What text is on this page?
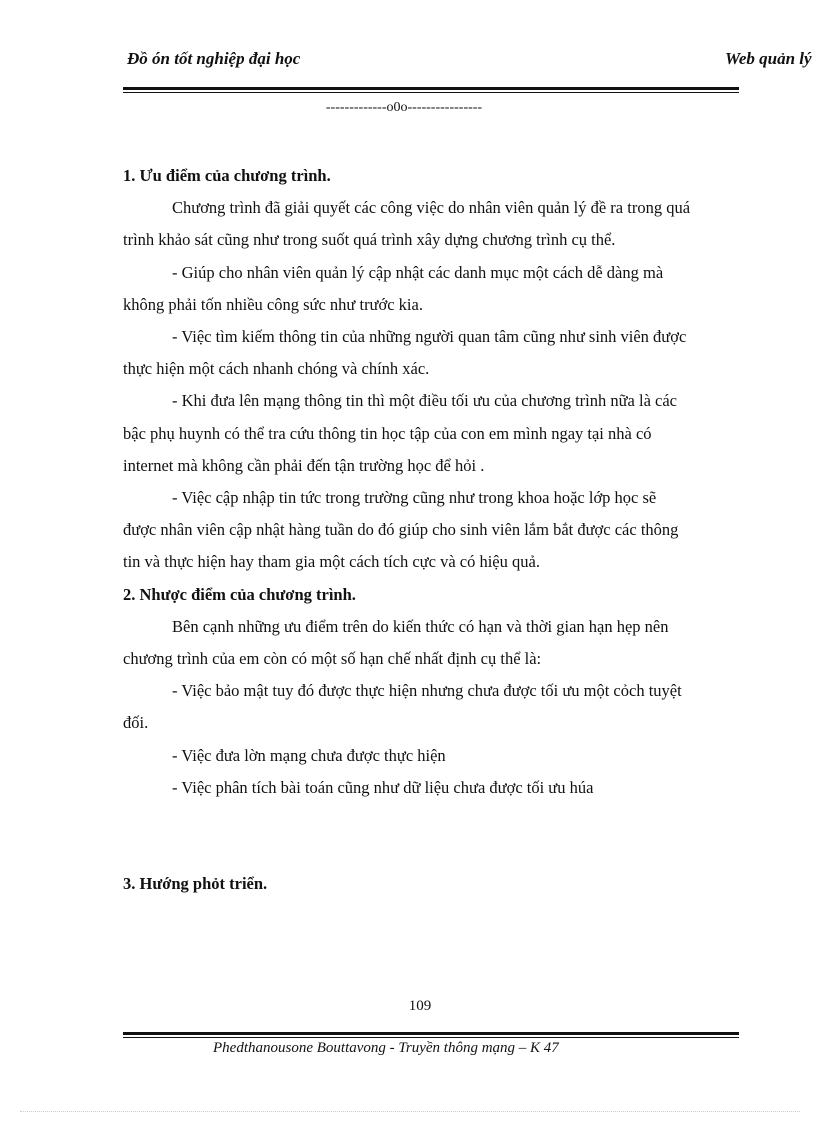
Đồ ón tốt nghiệp đại học	Web quản lý
-------------o0o----------------

1. Ưu điểm của chương trình.

Chương trình đã giải quyết các công việc do nhân viên quản lý đề ra trong quá trình khảo sát cũng như trong suốt quá trình xây dựng chương trình cụ thể.

- Giúp cho nhân viên quản lý cập nhật các danh mục một cách dễ dàng mà không phải tốn nhiều công sức như trước kia.

- Việc tìm kiếm thông tin của những người quan tâm cũng như sinh viên được thực hiện một cách nhanh chóng và chính xác.

- Khi đưa lên mạng thông tin thì một điều tối ưu của chương trình nữa là các bậc phụ huynh có thể tra cứu thông tin học tập của con em mình ngay tại nhà có internet mà không cần phải đến tận trường học để hỏi .

- Việc cập nhập tin tức trong trường cũng như trong khoa hoặc lớp học sẽ được nhân viên cập nhật hàng tuần do đó giúp cho sinh viên lắm bắt được các thông tin và thực hiện hay tham gia một cách tích cực và có hiệu quả.

2. Nhược điểm của chương trình.

Bên cạnh những ưu điểm trên do kiến thức có hạn và thời gian hạn hẹp nên chương trình của em còn có một số hạn chế nhất định cụ thể là:

- Việc bảo mật tuy đó được thực hiện nhưng chưa được tối ưu một cỏch tuyệt đối.

- Việc đưa lờn mạng chưa được thực hiện

- Việc phân tích bài toán cũng như dữ liệu chưa được tối ưu húa

3. Hướng phỏt triển.

109
Phedthanousone Bouttavong - Truyền thông mạng – K 47
